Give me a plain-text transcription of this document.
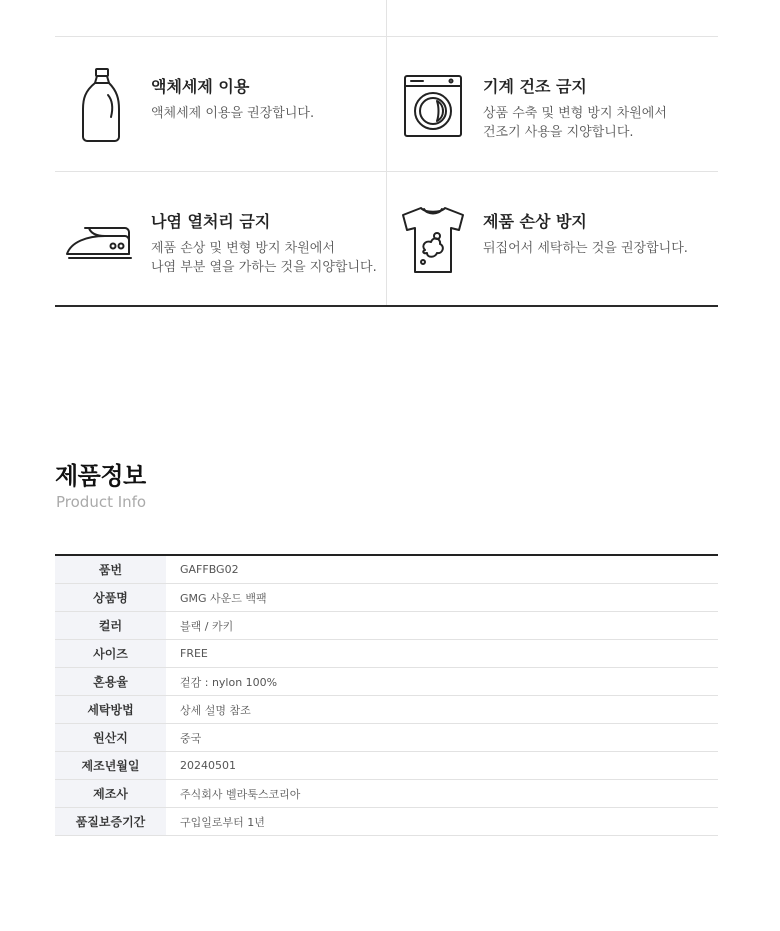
액체세제 이용
액체세제 이용을 권장합니다.
기계 건조 금지
상품 수축 및 변형 방지 차원에서
건조기 사용을 지양합니다.
나염 열처리 금지
제품 손상 및 변형 방지 차원에서
나염 부분 열을 가하는 것을 지양합니다.
제품 손상 방지
뒤집어서 세탁하는 것을 권장합니다.
제품정보
Product Info
품번	GAFFBG02
상품명	GMG 사운드 백팩
컬러	블랙 / 카키
사이즈	FREE
혼용율	겉감 : nylon 100%
세탁방법	상세 설명 참조
원산지	중국
제조년월일	20240501
제조사	주식회사 벨라툭스코리아
품질보증기간	구입일로부터 1년
